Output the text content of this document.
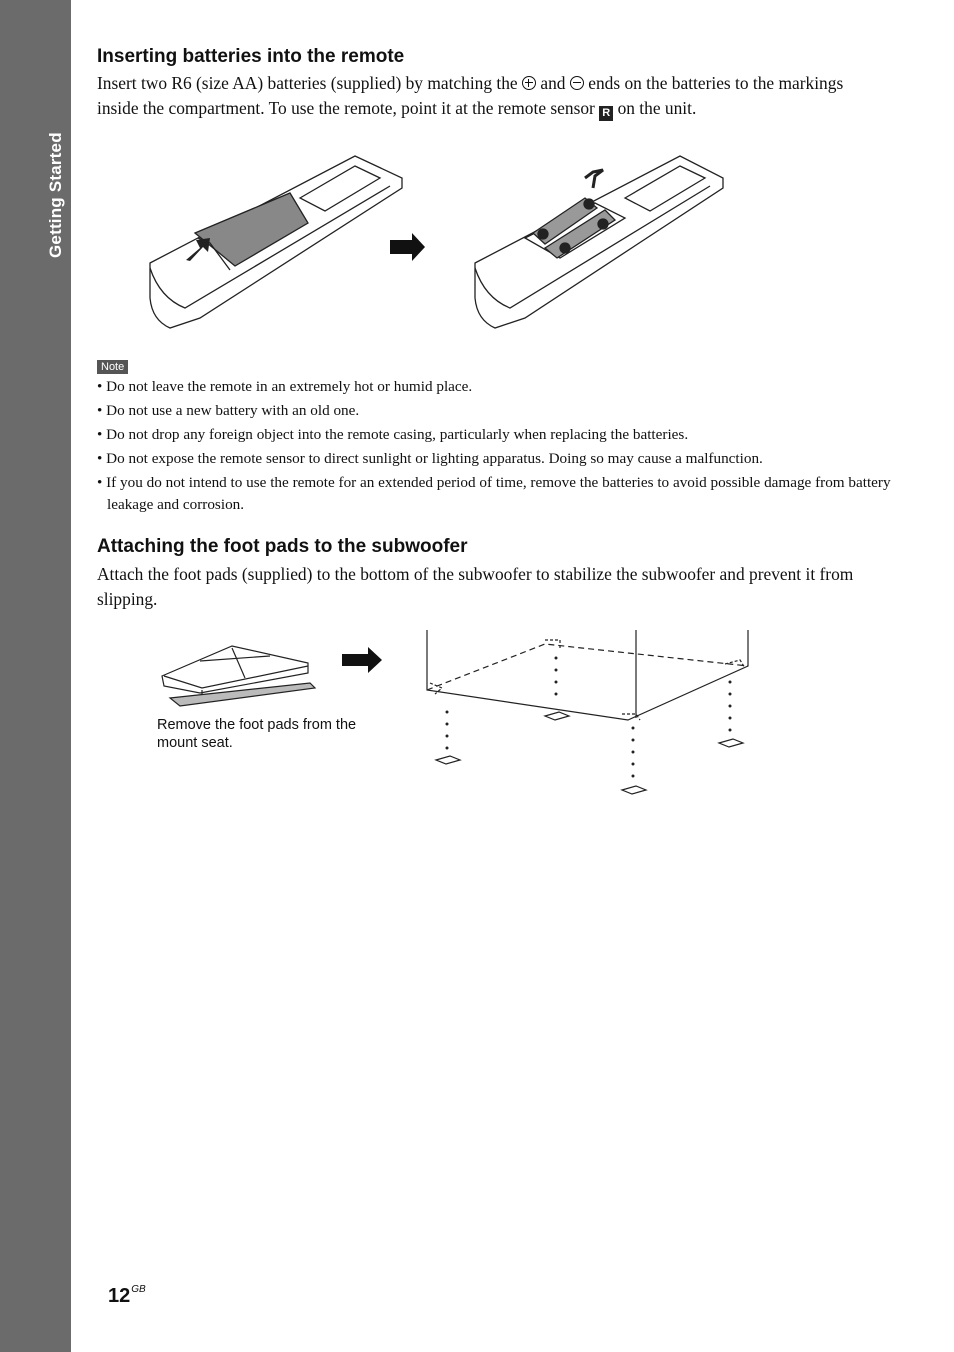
Getting Started
Inserting batteries into the remote

Insert two R6 (size AA) batteries (supplied) by matching the and ends on the batteries to the markings inside the compartment. To use the remote, point it at the remote sensor R on the unit.

Note
• Do not leave the remote in an extremely hot or humid place.
• Do not use a new battery with an old one.
• Do not drop any foreign object into the remote casing, particularly when replacing the batteries.
• Do not expose the remote sensor to direct sunlight or lighting apparatus. Doing so may cause a malfunction.
• If you do not intend to use the remote for an extended period of time, remove the batteries to avoid possible damage from battery leakage and corrosion.
Attaching the foot pads to the subwoofer

Attach the foot pads (supplied) to the bottom of the subwoofer to stabilize the subwoofer and prevent it from slipping.

Remove the foot pads from the mount seat.
$12^{GB}$
